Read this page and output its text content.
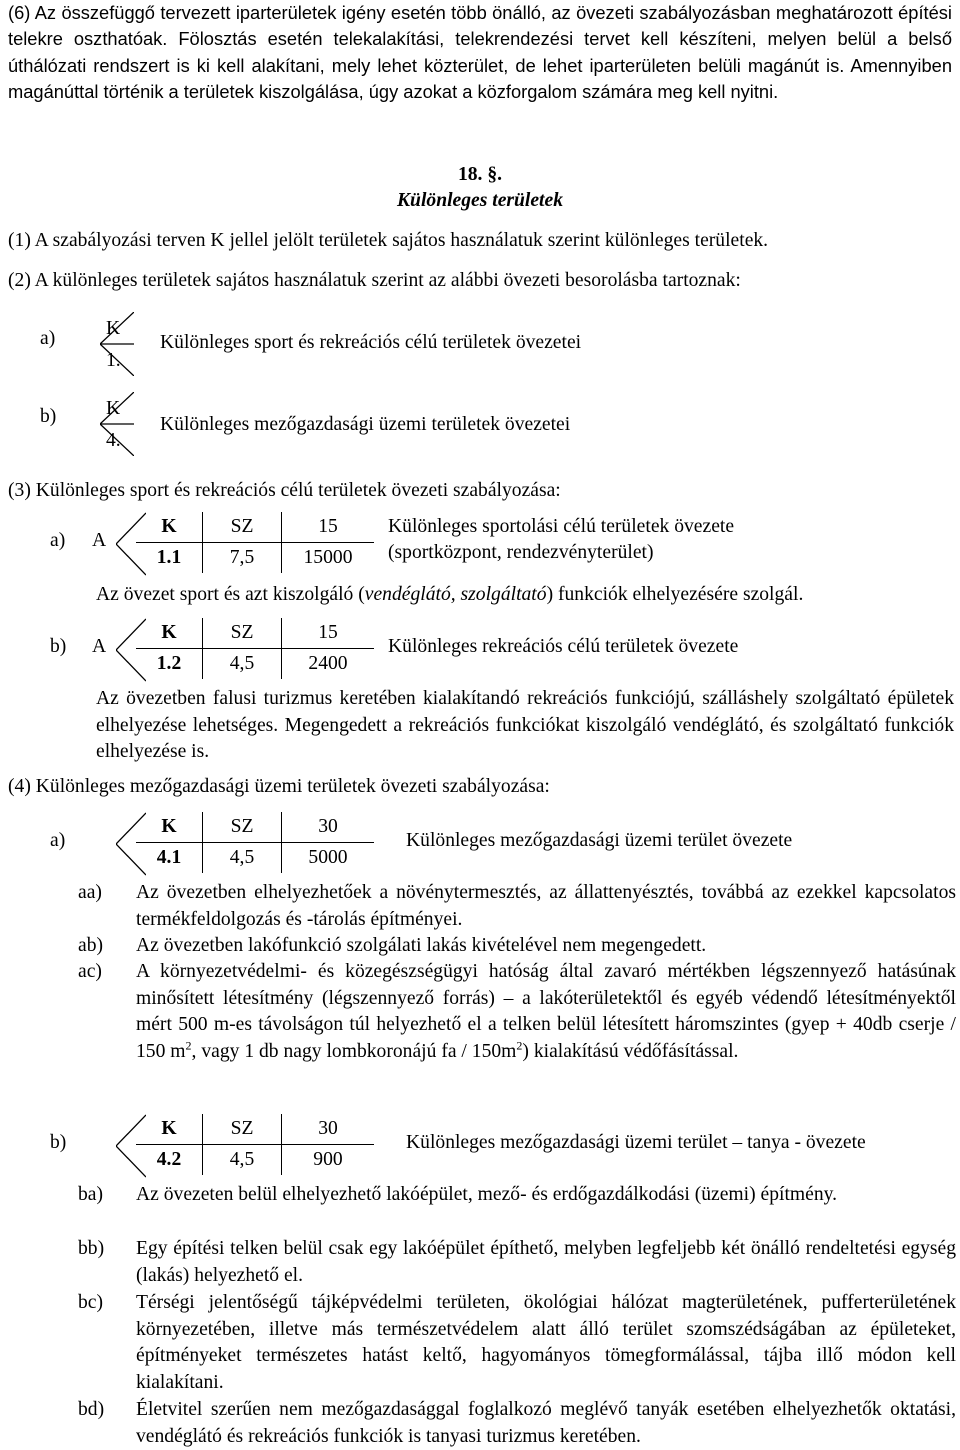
(6) Az összefüggő tervezett iparterületek igény esetén több önálló, az övezeti szabályozásban meghatározott építési telekre oszthatóak. Fölosztás esetén telekalakítási, telekrendezési tervet kell készíteni, melyen belül a belső úthálózati rendszert is ki kell alakítani, mely lehet közterület, de lehet iparterületen belüli magánút is. Amennyiben magánúttal történik a területek kiszolgálása, úgy azokat a közforgalom számára meg kell nyitni.
18. §.
Különleges területek
(1) A szabályozási terven K jellel jelölt területek sajátos használatuk szerint különleges területek.
(2) A különleges területek sajátos használatuk szerint az alábbi övezeti besorolásba tartoznak:
a)	K
1.
Különleges sport és rekreációs célú területek övezetei
b)	K
4.
Különleges mezőgazdasági üzemi területek övezetei
(3) Különleges sport és rekreációs célú területek övezeti szabályozása:
a) A
K	SZ	15
1.1	7,5	15000
Különleges sportolási célú területek övezete
(sportközpont, rendezvényterület)
Az övezet sport és azt kiszolgáló (vendéglátó, szolgáltató) funkciók elhelyezésére szolgál.
b) A
K	SZ	15
1.2	4,5	2400
Különleges rekreációs célú területek övezete
Az övezetben falusi turizmus keretében kialakítandó rekreációs funkciójú, szálláshely szolgáltató épületek elhelyezése lehetséges. Megengedett a rekreációs funkciókat kiszolgáló vendéglátó, és szolgáltató funkciók elhelyezése is.
(4) Különleges mezőgazdasági üzemi területek övezeti szabályozása:
a)
K	SZ	30
4.1	4,5	5000
Különleges mezőgazdasági üzemi terület övezete
aa) Az övezetben elhelyezhetőek a növénytermesztés, az állattenyésztés, továbbá az ezekkel kapcsolatos termékfeldolgozás és -tárolás építményei.
ab) Az övezetben lakófunkció szolgálati lakás kivételével nem megengedett.
ac) A környezetvédelmi- és közegészségügyi hatóság által zavaró mértékben légszennyező hatásúnak minősített létesítmény (légszennyező forrás) – a lakóterületektől és egyéb védendő létesítményektől mért 500 m-es távolságon túl helyezhető el a telken belül létesített háromszintes (gyep + 40db cserje / 150 $m^2$, vagy 1 db nagy lombkoronájú fa / $150m^2$) kialakítású védőfásítással.
b)
K	SZ	30
4.2	4,5	900
Különleges mezőgazdasági üzemi terület – tanya - övezete
ba) Az övezeten belül elhelyezhető lakóépület, mező- és erdőgazdálkodási (üzemi) építmény.
bb) Egy építési telken belül csak egy lakóépület építhető, melyben legfeljebb két önálló rendeltetési egység (lakás) helyezhető el.
bc) Térségi jelentőségű tájképvédelmi területen, ökológiai hálózat magterületének, pufferterületének környezetében, illetve más természetvédelem alatt álló terület szomszédságában az épületeket, építményeket természetes hatást keltő, hagyományos tömegformálással, tájba illő módon kell kialakítani.
bd) Életvitel szerűen nem mezőgazdasággal foglalkozó meglévő tanyák esetében elhelyezhetők oktatási, vendéglátó és rekreációs funkciók is tanyasi turizmus keretében.
